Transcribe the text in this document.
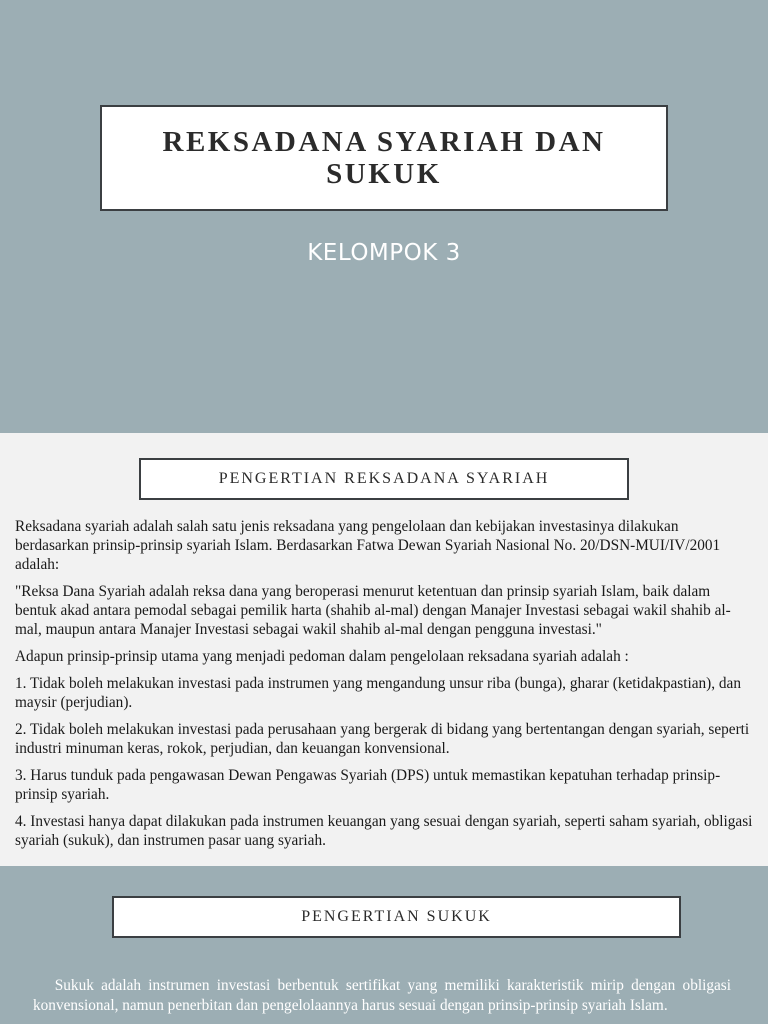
REKSADANA SYARIAH DAN SUKUK
KELOMPOK 3
PENGERTIAN REKSADANA SYARIAH

Reksadana syariah adalah salah satu jenis reksadana yang pengelolaan dan kebijakan investasinya dilakukan berdasarkan prinsip-prinsip syariah Islam. Berdasarkan Fatwa Dewan Syariah Nasional No. 20/DSN-MUI/IV/2001 adalah:

"Reksa Dana Syariah adalah reksa dana yang beroperasi menurut ketentuan dan prinsip syariah Islam, baik dalam bentuk akad antara pemodal sebagai pemilik harta (shahib al-mal) dengan Manajer Investasi sebagai wakil shahib al-mal, maupun antara Manajer Investasi sebagai wakil shahib al-mal dengan pengguna investasi."

Adapun prinsip-prinsip utama yang menjadi pedoman dalam pengelolaan reksadana syariah adalah :

1. Tidak boleh melakukan investasi pada instrumen yang mengandung unsur riba (bunga), gharar (ketidakpastian), dan maysir (perjudian).

2. Tidak boleh melakukan investasi pada perusahaan yang bergerak di bidang yang bertentangan dengan syariah, seperti industri minuman keras, rokok, perjudian, dan keuangan konvensional.

3. Harus tunduk pada pengawasan Dewan Pengawas Syariah (DPS) untuk memastikan kepatuhan terhadap prinsip-prinsip syariah.

4. Investasi hanya dapat dilakukan pada instrumen keuangan yang sesuai dengan syariah, seperti saham syariah, obligasi syariah (sukuk), dan instrumen pasar uang syariah.

PENGERTIAN SUKUK

Sukuk adalah instrumen investasi berbentuk sertifikat yang memiliki karakteristik mirip dengan obligasi konvensional, namun penerbitan dan pengelolaannya harus sesuai dengan prinsip-prinsip syariah Islam.
